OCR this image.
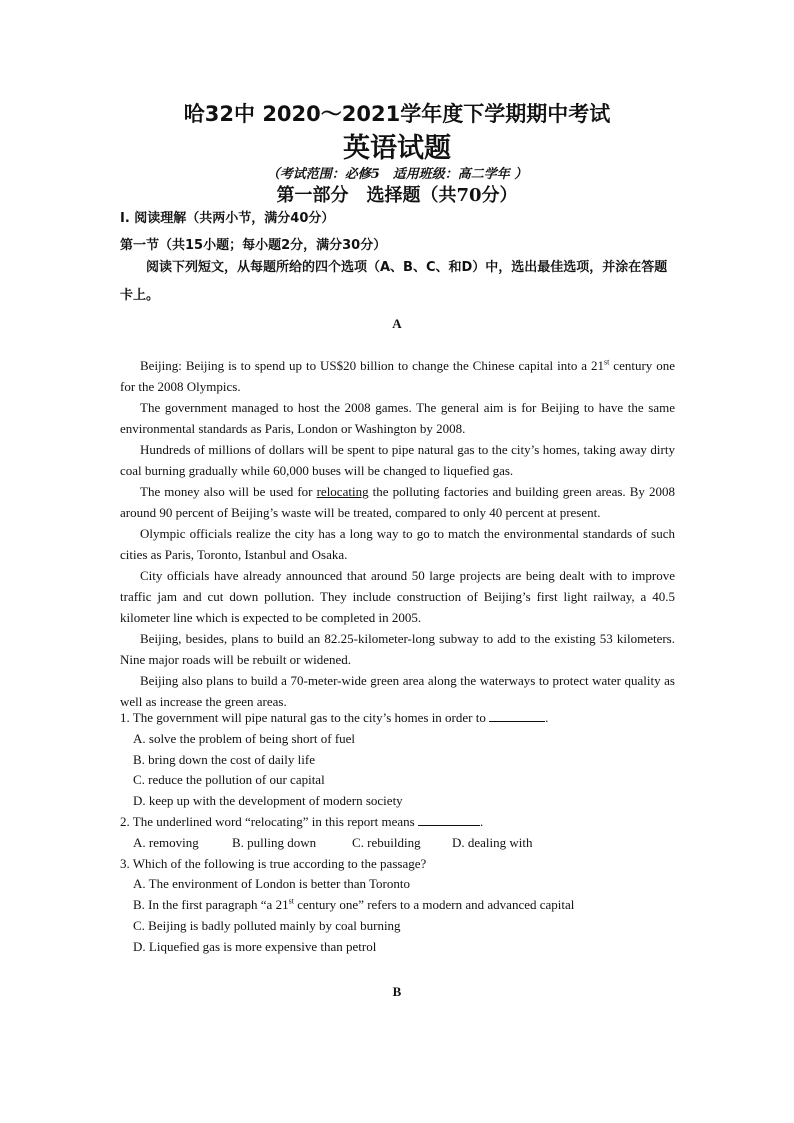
哈32中 2020～2021学年度下学期期中考试
英语试题
（考试范围：必修5　适用班级：高二学年 ）
第一部分　选择题（共70分）
I. 阅读理解（共两小节，满分40分）
第一节（共15小题；每小题2分，满分30分）
阅读下列短文，从每题所给的四个选项（A、B、C、和D）中，选出最佳选项，并涂在答题卡上。
A

Beijing: Beijing is to spend up to US$20 billion to change the Chinese capital into a 21st century one for the 2008 Olympics.

The government managed to host the 2008 games. The general aim is for Beijing to have the same environmental standards as Paris, London or Washington by 2008.

Hundreds of millions of dollars will be spent to pipe natural gas to the city’s homes, taking away dirty coal burning gradually while 60,000 buses will be changed to liquefied gas.

The money also will be used for relocating the polluting factories and building green areas. By 2008 around 90 percent of Beijing’s waste will be treated, compared to only 40 percent at present.

Olympic officials realize the city has a long way to go to match the environmental standards of such cities as Paris, Toronto, Istanbul and Osaka.

City officials have already announced that around 50 large projects are being dealt with to improve traffic jam and cut down pollution. They include construction of Beijing’s first light railway, a 40.5 kilometer line which is expected to be completed in 2005.

Beijing, besides, plans to build an 82.25-kilometer-long subway to add to the existing 53 kilometers. Nine major roads will be rebuilt or widened.

Beijing also plans to build a 70-meter-wide green area along the waterways to protect water quality as well as increase the green areas.

1. The government will pipe natural gas to the city’s homes in order to	.
A. solve the problem of being short of fuel
B. bring down the cost of daily life
C. reduce the pollution of our capital
D. keep up with the development of modern society
2. The underlined word “relocating” in this report means	.
A. removing	B. pulling down	C. rebuilding D. dealing with
3. Which of the following is true according to the passage?
A. The environment of London is better than Toronto
B. In the first paragraph “a 21st century one” refers to a modern and advanced capital
C. Beijing is badly polluted mainly by coal burning
D. Liquefied gas is more expensive than petrol
B
